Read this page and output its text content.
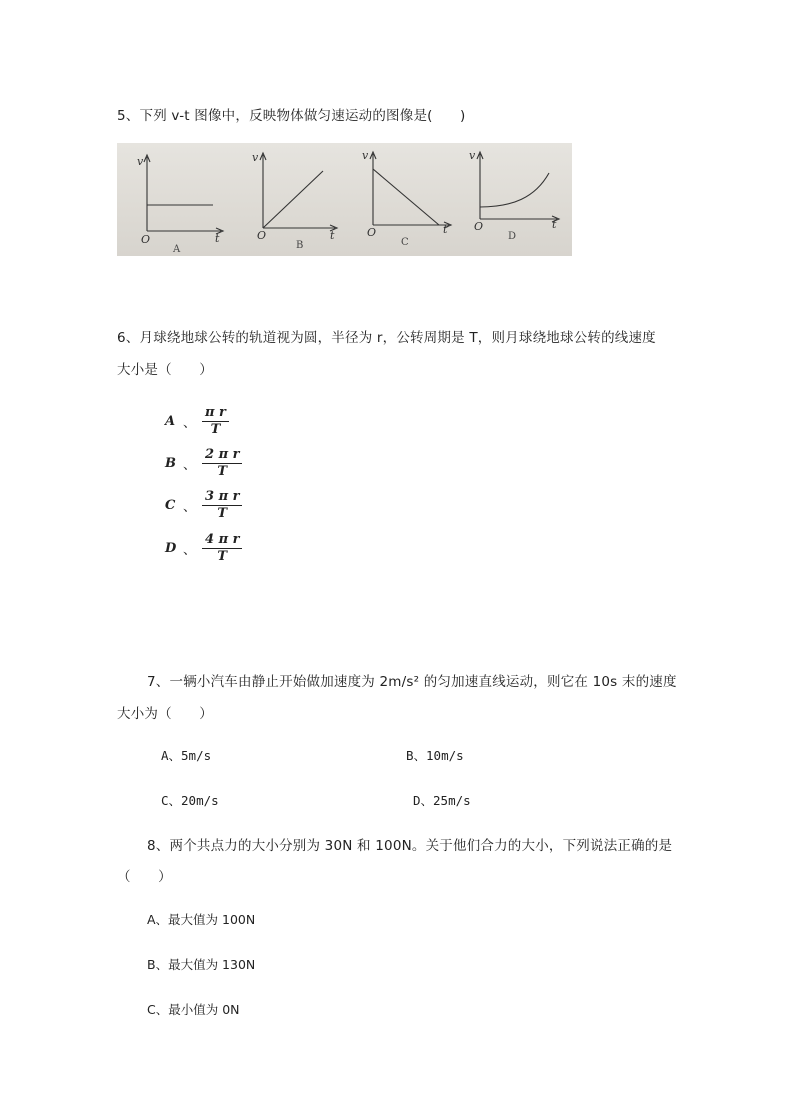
5、下列 v-t 图像中，反映物体做匀速运动的图像是(　　)
v
t
O
A
v
t
O
B
v
t
O
C
v
t
O
D
6、月球绕地球公转的轨道视为圆，半径为 r，公转周期是 T，则月球绕地球公转的线速度
大小是（　　）
A 、 $\frac{\text{π r}}{T}$
B 、 $\frac{\text{2 π r}}{T}$
C 、 $\frac{\text{3 π r}}{T}$
D 、 $\frac{\text{4 π r}}{T}$
7、一辆小汽车由静止开始做加速度为 2m/s² 的匀加速直线运动，则它在 10s 末的速度
大小为（　　）
A、5m/s	B、10m/s
C、20m/s	D、25m/s
8、两个共点力的大小分别为 30N 和 100N。关于他们合力的大小，下列说法正确的是
（　　）
A、最大值为 100N
B、最大值为 130N
C、最小值为 0N
